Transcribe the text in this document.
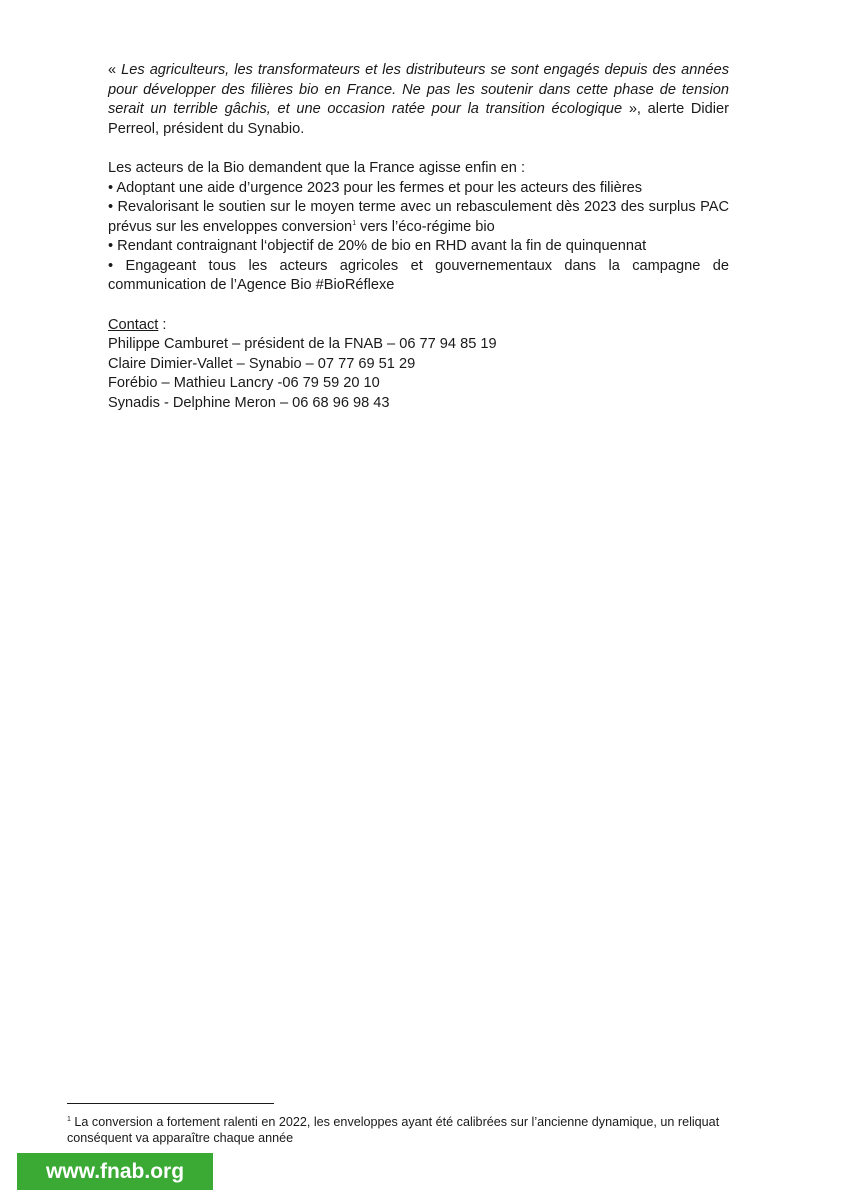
« Les agriculteurs, les transformateurs et les distributeurs se sont engagés depuis des années pour développer des filières bio en France. Ne pas les soutenir dans cette phase de tension serait un terrible gâchis, et une occasion ratée pour la transition écologique », alerte Didier Perreol, président du Synabio.

Les acteurs de la Bio demandent que la France agisse enfin en :

• Adoptant une aide d’urgence 2023 pour les fermes et pour les acteurs des filières
• Revalorisant le soutien sur le moyen terme avec un rebasculement dès 2023 des surplus PAC prévus sur les enveloppes conversion$^1$ vers l’éco-régime bio
• Rendant contraignant l‘objectif de 20% de bio en RHD avant la fin de quinquennat
• Engageant tous les acteurs agricoles et gouvernementaux dans la campagne de communication de l’Agence Bio #BioRéflexe

Contact :

Philippe Camburet – président de la FNAB – 06 77 94 85 19

Claire Dimier-Vallet – Synabio – 07 77 69 51 29

Forébio – Mathieu Lancry -06 79 59 20 10

Synadis - Delphine Meron – 06 68 96 98 43

$^1$ La conversion a fortement ralenti en 2022, les enveloppes ayant été calibrées sur l’ancienne dynamique, un reliquat conséquent va apparaître chaque année
www.fnab.org
